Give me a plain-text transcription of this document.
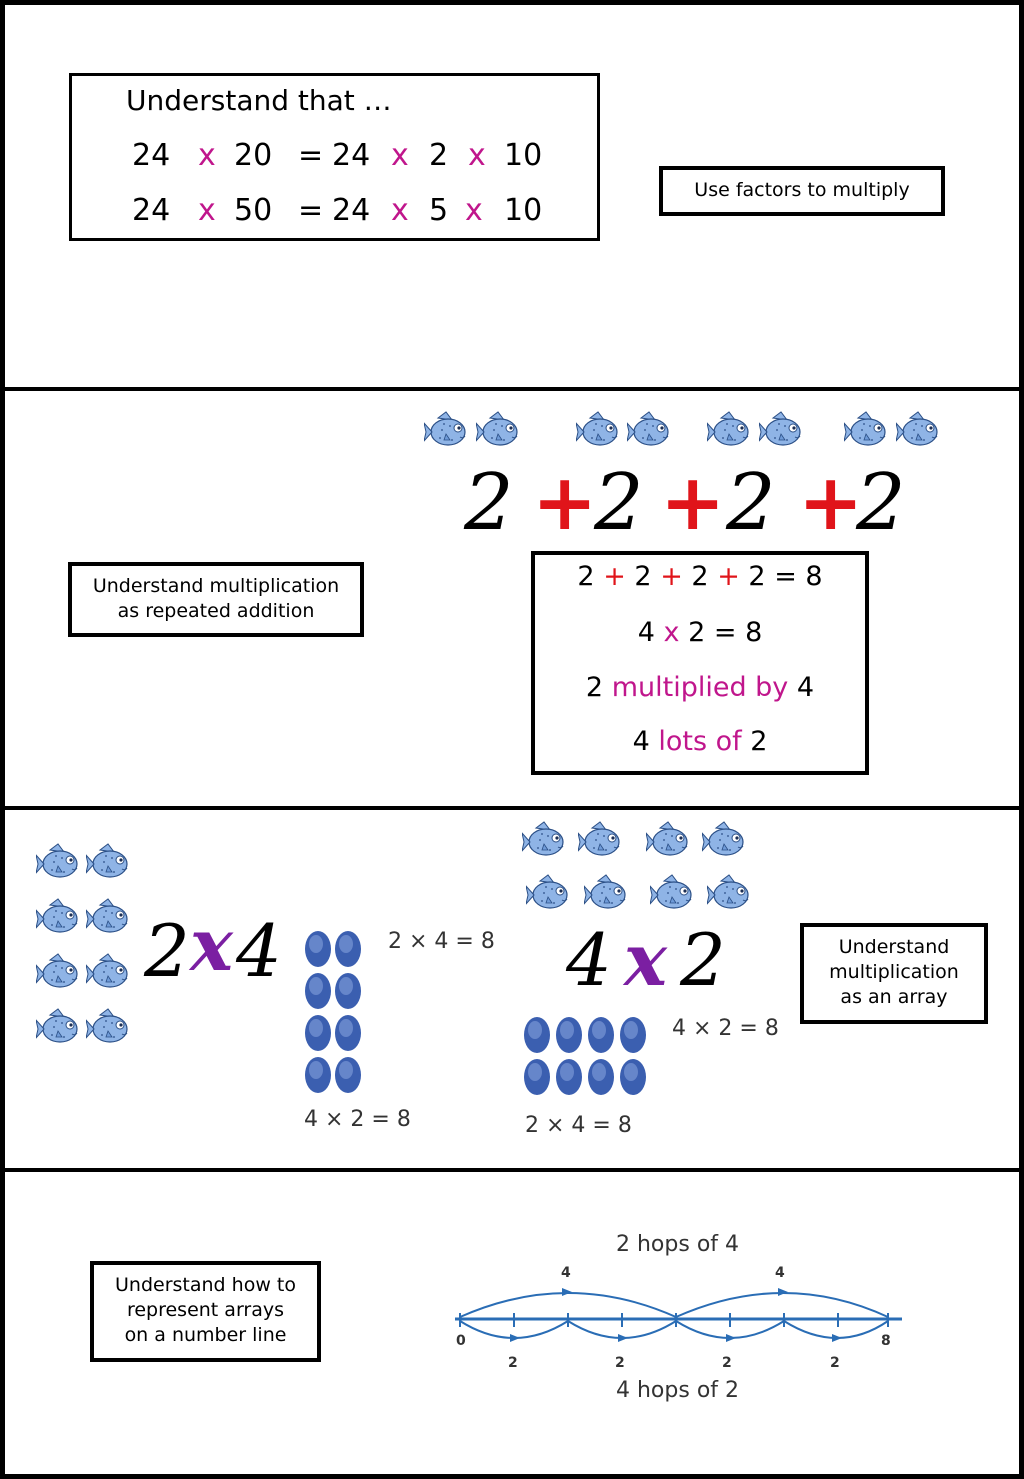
Understand that …
24 x 20 = 24 x 2 x 10
24 x 50 = 24 x 5 x 10
Use factors to multiply
Understand multiplication
as repeated addition
2 +
2 + 2 +
2
2 + 2 + 2 + 2 = 8
4 x 2 = 8
2 multiplied by 4
4 lots of 2
2 x 4	2 × 4 = 8
4 × 2 = 8
4 x 2
4 × 2 = 8
2 × 4 = 8
Understand
multiplication
as an array
Understand how to
represent arrays
on a number line
2 hops of 4
4 hops of 2
4	4
2	2	2	2
0	8
